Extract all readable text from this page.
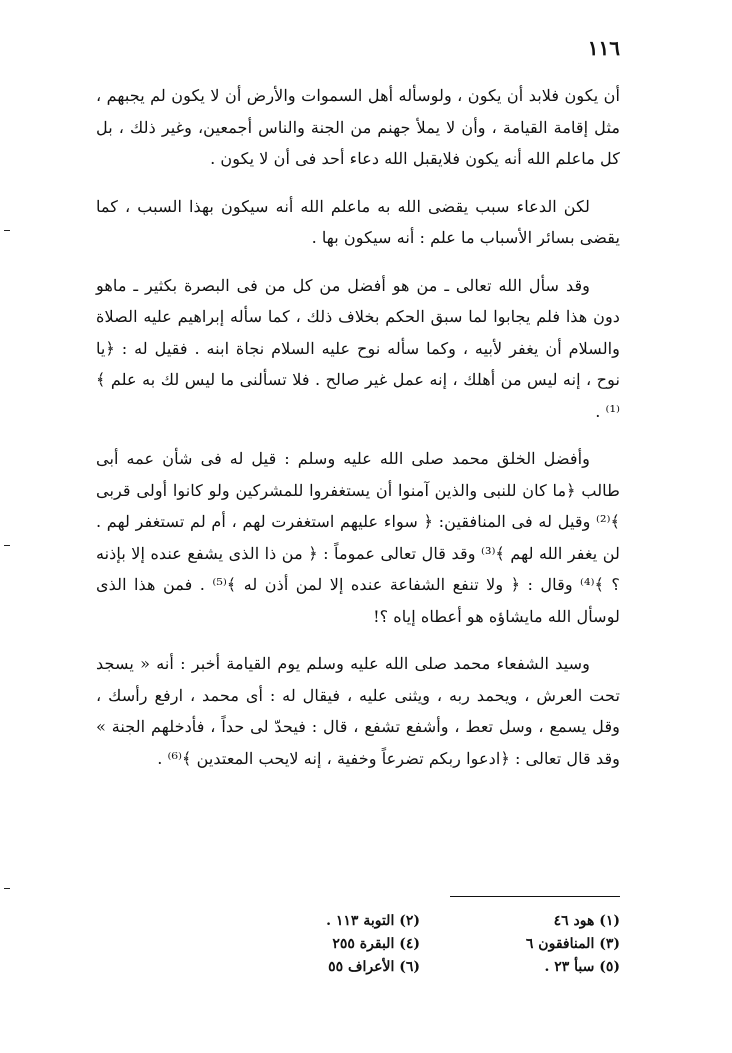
١١٦

أن يكون فلابد أن يكون ، ولوسأله أهل السموات والأرض أن لا يكون لم يجبهم ، مثل إقامة القيامة ، وأن لا يملأ جهنم من الجنة والناس أجمعين، وغير ذلك ، بل كل ماعلم الله أنه يكون فلايقبل الله دعاء أحد فى أن لا يكون .

لكن الدعاء سبب يقضى الله به ماعلم الله أنه سيكون بهذا السبب ، كما يقضى بسائر الأسباب ما علم : أنه سيكون بها .

وقد سأل الله تعالى ـ من هو أفضل من كل من فى البصرة بكثير ـ ماهو دون هذا فلم يجابوا لما سبق الحكم بخلاف ذلك ، كما سأله إبراهيم عليه الصلاة والسلام أن يغفر لأبيه ، وكما سأله نوح عليه السلام نجاة ابنه . فقيل له : ﴿يا نوح ، إنه ليس من أهلك ، إنه عمل غير صالح . فلا تسألنى ما ليس لك به علم ﴾⁽¹⁾ .

وأفضل الخلق محمد صلى الله عليه وسلم : قيل له فى شأن عمه أبى طالب ﴿ما كان للنبى والذين آمنوا أن يستغفروا للمشركين ولو كانوا أولى قربى ﴾⁽²⁾ وقيل له فى المنافقين: ﴿ سواء عليهم استغفرت لهم ، أم لم تستغفر لهم . لن يغفر الله لهم ﴾⁽³⁾ وقد قال تعالى عموماً : ﴿ من ذا الذى يشفع عنده إلا بإذنه ؟ ﴾⁽⁴⁾ وقال : ﴿ ولا تنفع الشفاعة عنده إلا لمن أذن له ﴾⁽⁵⁾ . فمن هذا الذى لوسأل الله مايشاؤه هو أعطاه إياه ؟!

وسيد الشفعاء محمد صلى الله عليه وسلم يوم القيامة أخبر : أنه « يسجد تحت العرش ، ويحمد ربه ، ويثنى عليه ، فيقال له : أى محمد ، ارفع رأسك ، وقل يسمع ، وسل تعط ، وأشفع تشفع ، قال : فيحدّ لى حداً ، فأدخلهم الجنة » وقد قال تعالى : ﴿ادعوا ربكم تضرعاً وخفية ، إنه لايحب المعتدين ﴾⁽⁶⁾ .

(١) هود ٤٦
(٢) التوبة ١١٣ .
(٣) المنافقون ٦
(٤) البقرة ٢٥٥
(٥) سبأ ٢٣ .
(٦) الأعراف ٥٥
